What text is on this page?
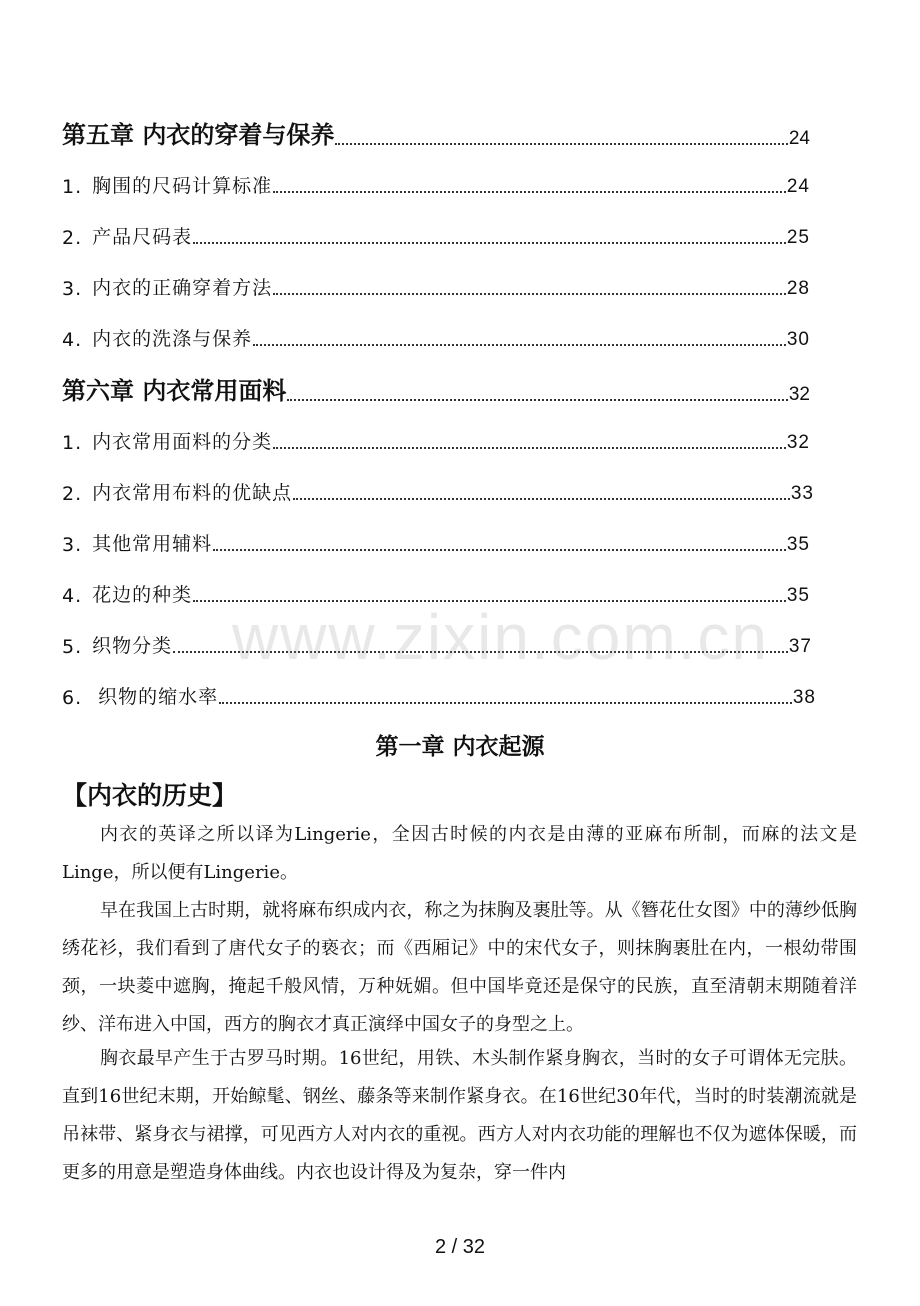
第五章 内衣的穿着与保养	24
1. 胸围的尺码计算标准	24
2. 产品尺码表	25
3. 内衣的正确穿着方法	28
4. 内衣的洗涤与保养	30
第六章 内衣常用面料	32
1. 内衣常用面料的分类	32
2. 内衣常用布料的优缺点	33
3. 其他常用辅料	35
4. 花边的种类	35
5. 织物分类	37
6. 织物的缩水率	38
www.zixin.com.cn
第一章 内衣起源
【内衣的历史】

内衣的英译之所以译为Lingerie，全因古时候的内衣是由薄的亚麻布所制，而麻的法文是Linge，所以便有Lingerie。

早在我国上古时期，就将麻布织成内衣，称之为抹胸及裹肚等。从《簪花仕女图》中的薄纱低胸绣花衫，我们看到了唐代女子的亵衣；而《西厢记》中的宋代女子，则抹胸裹肚在内，一根幼带围颈，一块菱中遮胸，掩起千般风情，万种妩媚。但中国毕竟还是保守的民族，直至清朝末期随着洋纱、洋布进入中国，西方的胸衣才真正演绎中国女子的身型之上。

胸衣最早产生于古罗马时期。16世纪，用铁、木头制作紧身胸衣，当时的女子可谓体无完肤。直到16世纪末期，开始鲸髦、钢丝、藤条等来制作紧身衣。在16世纪30年代，当时的时装潮流就是吊袜带、紧身衣与裙撑，可见西方人对内衣的重视。西方人对内衣功能的理解也不仅为遮体保暖，而更多的用意是塑造身体曲线。内衣也设计得及为复杂，穿一件内

2 / 32
